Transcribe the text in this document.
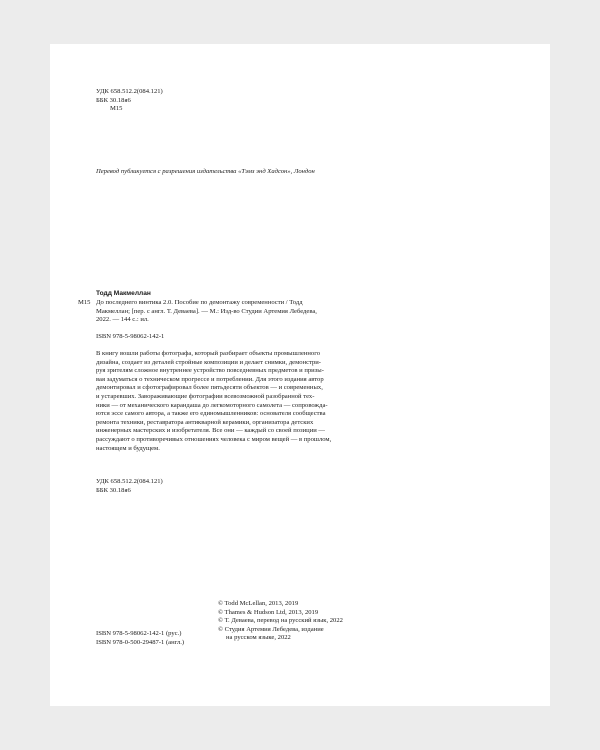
УДК 658.512.2(084.121)
ББК 30.18я6
М15
Перевод публикуется с разрешения издательства «Тэмз энд Хадсон», Лондон
Тодд Макмеллан
М15 До последнего винтика 2.0. Пособие по демонтажу современности / Тодд
Макмеллан; [пер. с англ. Т. Деваева]. — М.: Изд-во Студии Артемия Лебедева,
2022. — 144 с.: ил.
ISBN 978-5-98062-142-1
В книгу вошли работы фотографа, который разбирает объекты промышленного
дизайна, создает из деталей стройные композиции и делает снимки, демонстри-
руя зрителям сложное внутреннее устройство повседневных предметов и призы-
вая задуматься о техническом прогрессе и потреблении. Для этого издания автор
демонтировал и сфотографировал более пятьдесяти объектов — и современных,
и устаревших. Завораживающие фотографии всевозможной разобранной тех-
ники — от механического карандаша до легкомоторного самолета — сопровожда-
ются эссе самого автора, а также его единомышленников: основателя сообщества
ремонта техники, реставратора антикварной керамики, организатора детских
инженерных мастерских и изобретателя. Все они — каждый со своей позиции —
рассуждают о противоречивых отношениях человека с миром вещей — в прошлом,
настоящем и будущем.
УДК 658.512.2(084.121)
ББК 30.18я6
© Todd McLellan, 2013, 2019
© Thames & Hudson Ltd, 2013, 2019
© Т. Деваева, перевод на русский язык, 2022
© Студия Артемия Лебедева, издание
на русском языке, 2022
ISBN 978-5-98062-142-1 (рус.)
ISBN 978-0-500-29487-1 (англ.)
